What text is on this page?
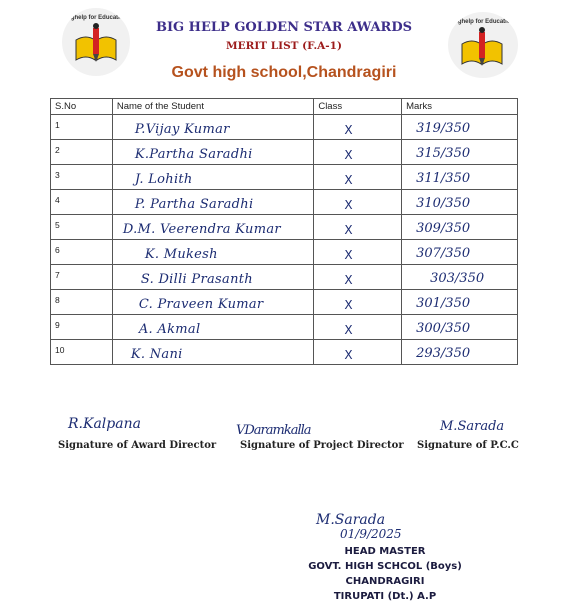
Bighelp for Education
Bighelp for Education
BIG HELP GOLDEN STAR AWARDS
MERIT LIST (F.A-1)
Govt high school,Chandragiri
S.No	Name of the Student	Class	Marks
1	P.Vijay Kumar	X	319/350
2	K.Partha Saradhi	X	315/350
3	J. Lohith	X	311/350
4	P. Partha Saradhi	X	310/350
5	D.M. Veerendra Kumar	X	309/350
6	K. Mukesh	X	307/350
7	S. Dilli Prasanth	X	303/350
8	C. Praveen Kumar	X	301/350
9	A. Akmal	X	300/350
10	K. Nani	X	293/350
R.Kalpana	VDaramkalla	M.Sarada
Signature of Award Director Signature of Project Director Signature of P.C.C
M.Sarada
01/9/2025
HEAD MASTER
GOVT. HIGH SCHCOL (Boys)
CHANDRAGIRI
TIRUPATI (Dt.) A.P
